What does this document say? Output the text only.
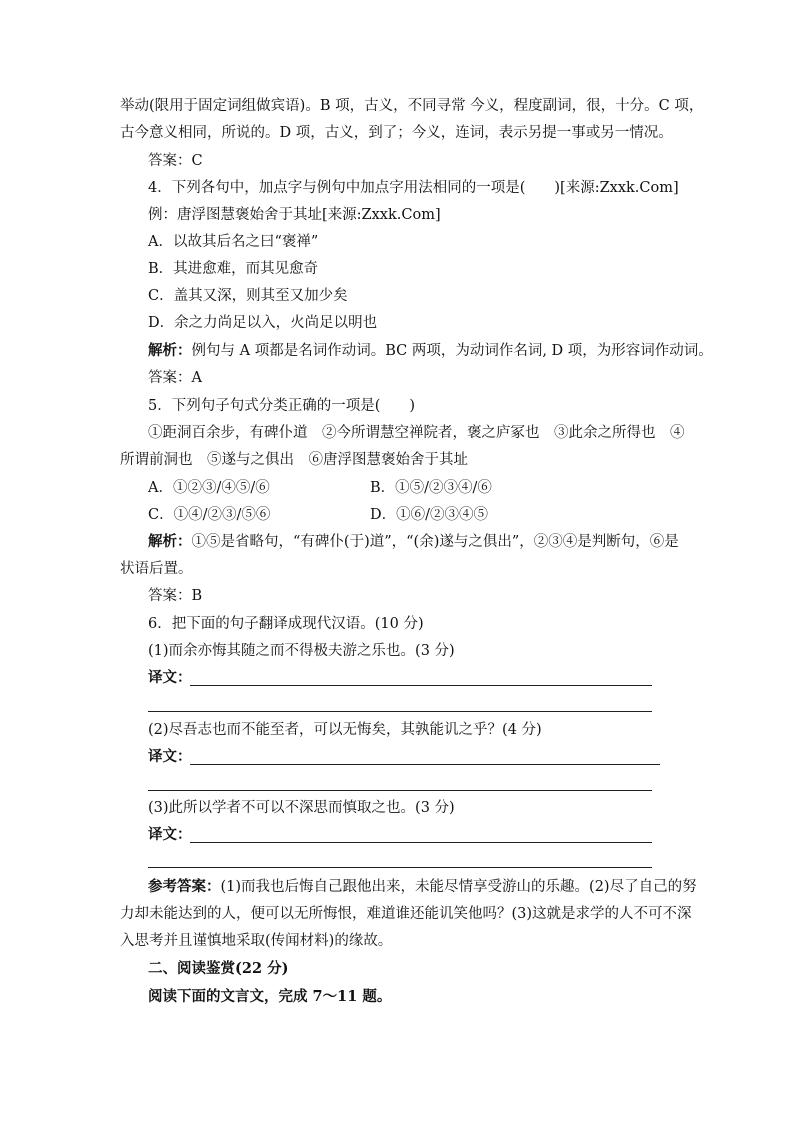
举动(限用于固定词组做宾语)。B 项，古义，不同寻常 今义，程度副词，很，十分。C 项，
古今意义相同，所说的。D 项，古义，到了；今义，连词，表示另提一事或另一情况。
答案：C
4．下列各句中，加点字与例句中加点字用法相同的一项是(　　)[来源:Zxxk.Com]
例：唐浮图慧褒始舍于其址[来源:Zxxk.Com]
A．以故其后名之曰“褒禅”
B．其进愈难，而其见愈奇
C．盖其又深，则其至又加少矣
D．余之力尚足以入，火尚足以明也
解析：例句与 A 项都是名词作动词。BC 两项，为动词作名词, D 项，为形容词作动词。
答案：A
5．下列句子句式分类正确的一项是(　　)
①距洞百余步，有碑仆道　②今所谓慧空禅院者，褒之庐冢也　③此余之所得也　④
所谓前洞也　⑤遂与之俱出　⑥唐浮图慧褒始舍于其址
A．①②③/④⑤/⑥	B．①⑤/②③④/⑥
C．①④/②③/⑤⑥	D．①⑥/②③④⑤
解析：①⑤是省略句，“有碑仆(于)道”，“(余)遂与之俱出”，②③④是判断句，⑥是
状语后置。
答案：B
6．把下面的句子翻译成现代汉语。(10 分)
(1)而余亦悔其随之而不得极夫游之乐也。(3 分)
译文：
(2)尽吾志也而不能至者，可以无悔矣，其孰能讥之乎？(4 分)
译文：
(3)此所以学者不可以不深思而慎取之也。(3 分)
译文：
参考答案：(1)而我也后悔自己跟他出来，未能尽情享受游山的乐趣。(2)尽了自己的努
力却未能达到的人，便可以无所悔恨，难道谁还能讥笑他吗？(3)这就是求学的人不可不深
入思考并且谨慎地采取(传闻材料)的缘故。
二、阅读鉴赏(22 分)
阅读下面的文言文，完成 7～11 题。
